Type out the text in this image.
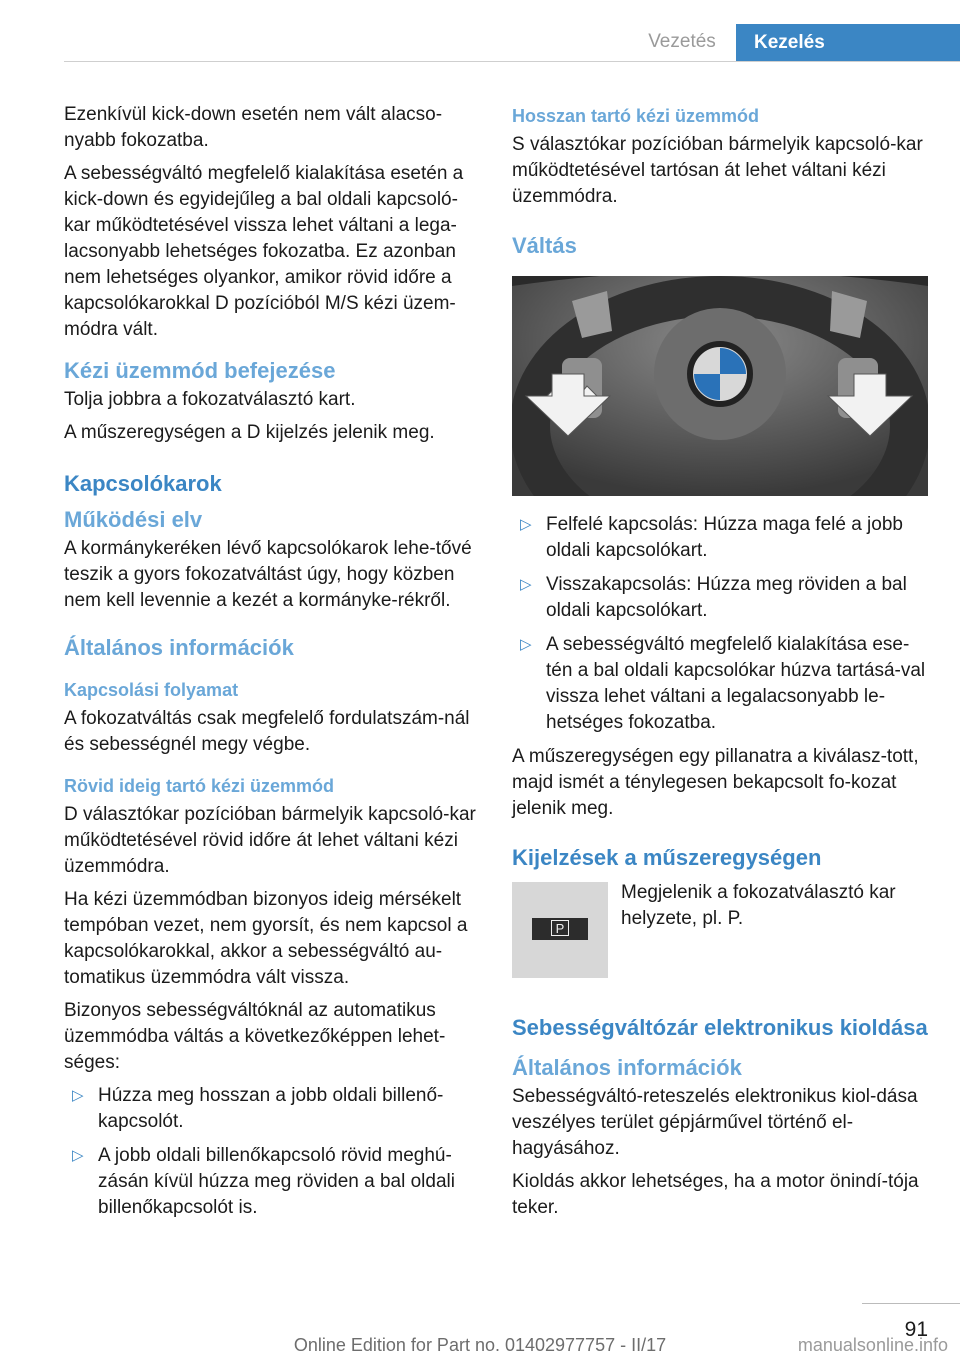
Vezetés	Kezelés

Ezenkívül kick-down esetén nem vált alacso-nyabb fokozatba.

A sebességváltó megfelelő kialakítása esetén a kick-down és egyidejűleg a bal oldali kapcsoló-kar működtetésével vissza lehet váltani a lega-lacsonyabb lehetséges fokozatba. Ez azonban nem lehetséges olyankor, amikor rövid időre a kapcsolókarokkal D pozícióból M/S kézi üzem-módra vált.

Kézi üzemmód befejezése

Tolja jobbra a fokozatválasztó kart.

A műszeregységen a D kijelzés jelenik meg.

Kapcsolókarok
Működési elv

A kormánykeréken lévő kapcsolókarok lehe-tővé teszik a gyors fokozatváltást úgy, hogy közben nem kell levennie a kezét a kormányke-rékről.

Általános információk
Kapcsolási folyamat

A fokozatváltás csak megfelelő fordulatszám-nál és sebességnél megy végbe.

Rövid ideig tartó kézi üzemmód

D választókar pozícióban bármelyik kapcsoló-kar működtetésével rövid időre át lehet váltani kézi üzemmódra.

Ha kézi üzemmódban bizonyos ideig mérsékelt tempóban vezet, nem gyorsít, és nem kapcsol a kapcsolókarokkal, akkor a sebességváltó au-tomatikus üzemmódra vált vissza.

Bizonyos sebességváltóknál az automatikus üzemmódba váltás a következőképpen lehet-séges:

▷ Húzza meg hosszan a jobb oldali billenő-kapcsolót.
▷ A jobb oldali billenőkapcsoló rövid meghú-zásán kívül húzza meg röviden a bal oldali billenőkapcsolót is.
Hosszan tartó kézi üzemmód

S választókar pozícióban bármelyik kapcsoló-kar működtetésével tartósan át lehet váltani kézi üzemmódra.

Váltás
▷ Felfelé kapcsolás: Húzza maga felé a jobb oldali kapcsolókart.
▷ Visszakapcsolás: Húzza meg röviden a bal oldali kapcsolókart.
▷ A sebességváltó megfelelő kialakítása ese-tén a bal oldali kapcsolókar húzva tartásá-val vissza lehet váltani a legalacsonyabb le-hetséges fokozatba.

A műszeregységen egy pillanatra a kiválasz-tott, majd ismét a ténylegesen bekapcsolt fo-kozat jelenik meg.

Kijelzések a műszeregységen
P
Megjelenik a fokozatválasztó kar helyzete, pl. P.
Sebességváltózár elektronikus kioldása
Általános információk

Sebességváltó-reteszelés elektronikus kiol-dása veszélyes terület gépjárművel történő el-hagyásához.

Kioldás akkor lehetséges, ha a motor önindí-tója teker.

91
Online Edition for Part no. 01402977757 - II/17	manualsonline.info
